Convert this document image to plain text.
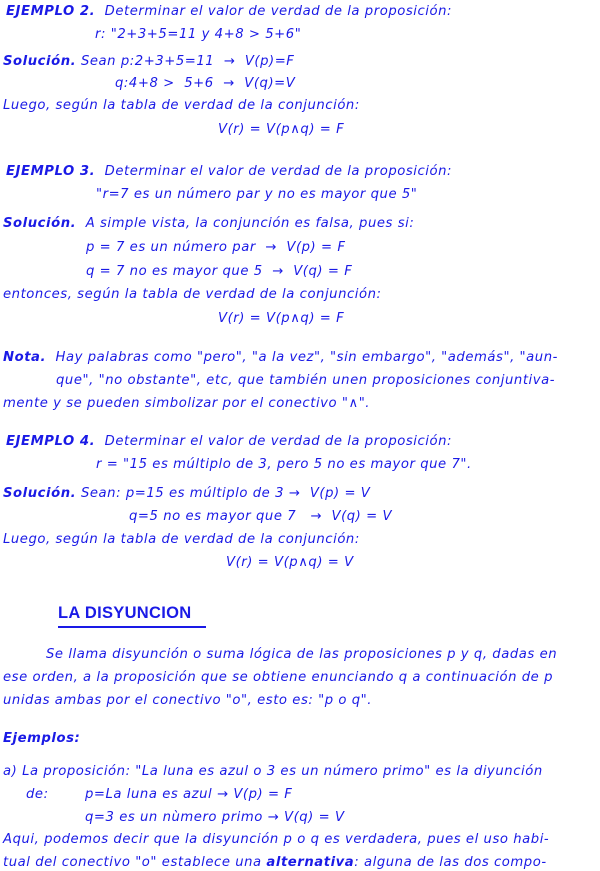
EJEMPLO 2. Determinar el valor de verdad de la proposición:
r: "2+3+5=11 y 4+8 > 5+6"
Solución. Sean p:2+3+5=11  →  V(p)=F
q:4+8 >  5+6  →  V(q)=V
Luego, según la tabla de verdad de la conjunción:
V(r) = V(p∧q) = F
EJEMPLO 3. Determinar el valor de verdad de la proposición:
"r=7 es un número par y no es mayor que 5"
Solución. A simple vista, la conjunción es falsa, pues si:
p = 7 es un número par  →  V(p) = F
q = 7 no es mayor que 5  →  V(q) = F
entonces, según la tabla de verdad de la conjunción:
V(r) = V(p∧q) = F
Nota. Hay palabras como "pero", "a la vez", "sin embargo", "además", "aun-
que", "no obstante", etc, que también unen proposiciones conjuntiva-
mente y se pueden simbolizar por el conectivo "∧".
EJEMPLO 4. Determinar el valor de verdad de la proposición:
r = "15 es múltiplo de 3, pero 5 no es mayor que 7".
Solución. Sean: p=15 es múltiplo de 3 →  V(p) = V
q=5 no es mayor que 7   →  V(q) = V
Luego, según la tabla de verdad de la conjunción:
V(r) = V(p∧q) = V
LA DISYUNCION
Se llama disyunción o suma lógica de las proposiciones p y q, dadas en
ese orden, a la proposición que se obtiene enunciando q a continuación de p
unidas ambas por el conectivo "o", esto es: "p o q".
Ejemplos:
a) La proposición: "La luna es azul o 3 es un número primo" es la diyunción
de:	p=La luna es azul → V(p) = F
q=3 es un nùmero primo → V(q) = V
Aqui, podemos decir que la disyunción p o q es verdadera, pues el uso habi-
tual del conectivo "o" establece una alternativa: alguna de las dos compo-
